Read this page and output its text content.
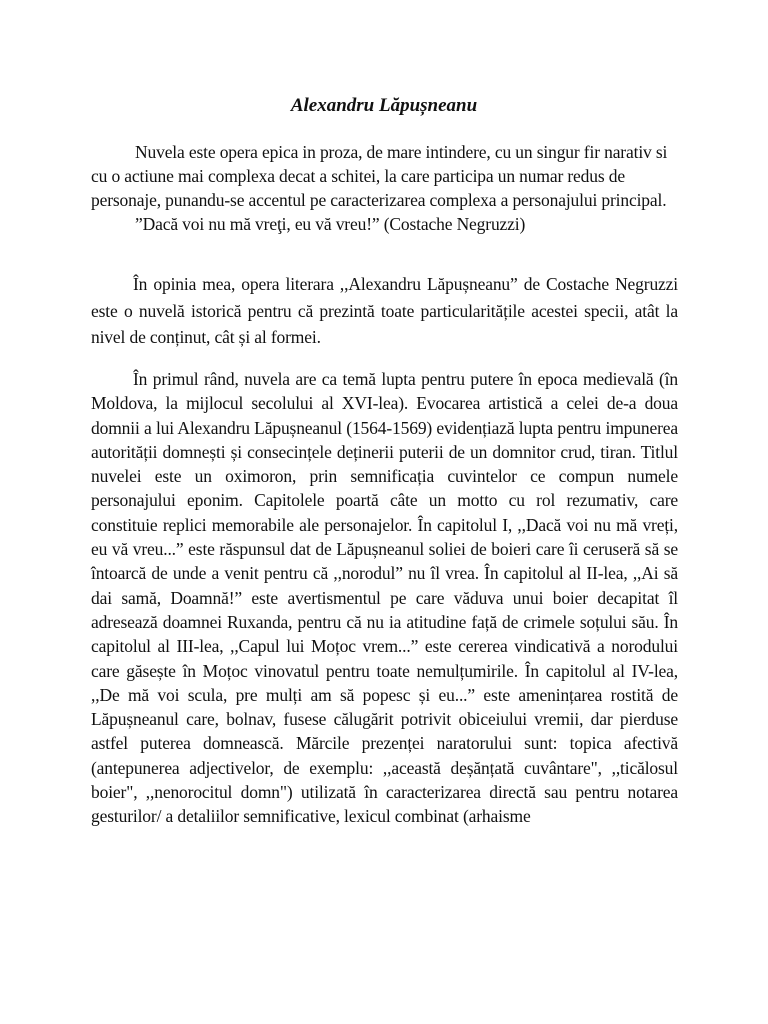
Alexandru Lăpușneanu
Nuvela este opera epica in proza, de mare intindere, cu un singur fir narativ si cu o actiune mai complexa decat a schitei, la care participa un numar redus de personaje, punandu-se accentul pe caracterizarea complexa a personajului principal.
”Dacă voi nu mă vreţi, eu vă vreu!” (Costache Negruzzi)
În opinia mea, opera literara ,,Alexandru Lăpușneanu” de Costache Negruzzi este o nuvelă istorică pentru că prezintă toate particularitățile acestei specii, atât la nivel de conținut, cât și al formei.
În primul rând, nuvela are ca temă lupta pentru putere în epoca medievală (în Moldova, la mijlocul secolului al XVI-lea). Evocarea artistică a celei de-a doua domnii a lui Alexandru Lăpușneanul (1564-1569) evidențiază lupta pentru impunerea autorității domnești și consecințele deținerii puterii de un domnitor crud, tiran. Titlul nuvelei este un oximoron, prin semnificația cuvintelor ce compun numele personajului eponim. Capitolele poartă câte un motto cu rol rezumativ, care constituie replici memorabile ale personajelor. În capitolul I, ,,Dacă voi nu mă vreți, eu vă vreu...” este răspunsul dat de Lăpușneanul soliei de boieri care îi ceruseră să se întoarcă de unde a venit pentru că ,,norodul” nu îl vrea. În capitolul al II-lea, ,,Ai să dai samă, Doamnă!” este avertismentul pe care văduva unui boier decapitat îl adresează doamnei Ruxanda, pentru că nu ia atitudine față de crimele soțului său. În capitolul al III-lea, ,,Capul lui Moțoc vrem...” este cererea vindicativă a norodului care găsește în Moțoc vinovatul pentru toate nemulțumirile. În capitolul al IV-lea, ,,De mă voi scula, pre mulți am să popesc și eu...” este amenințarea rostită de Lăpușneanul care, bolnav, fusese călugărit potrivit obiceiului vremii, dar pierduse astfel puterea domnească. Mărcile prezenței naratorului sunt: topica afectivă (antepunerea adjectivelor, de exemplu: ,,această deșănțată cuvântare", ,,ticălosul boier", ,,nenorocitul domn") utilizată în caracterizarea directă sau pentru notarea gesturilor/ a detaliilor semnificative, lexicul combinat (arhaisme
